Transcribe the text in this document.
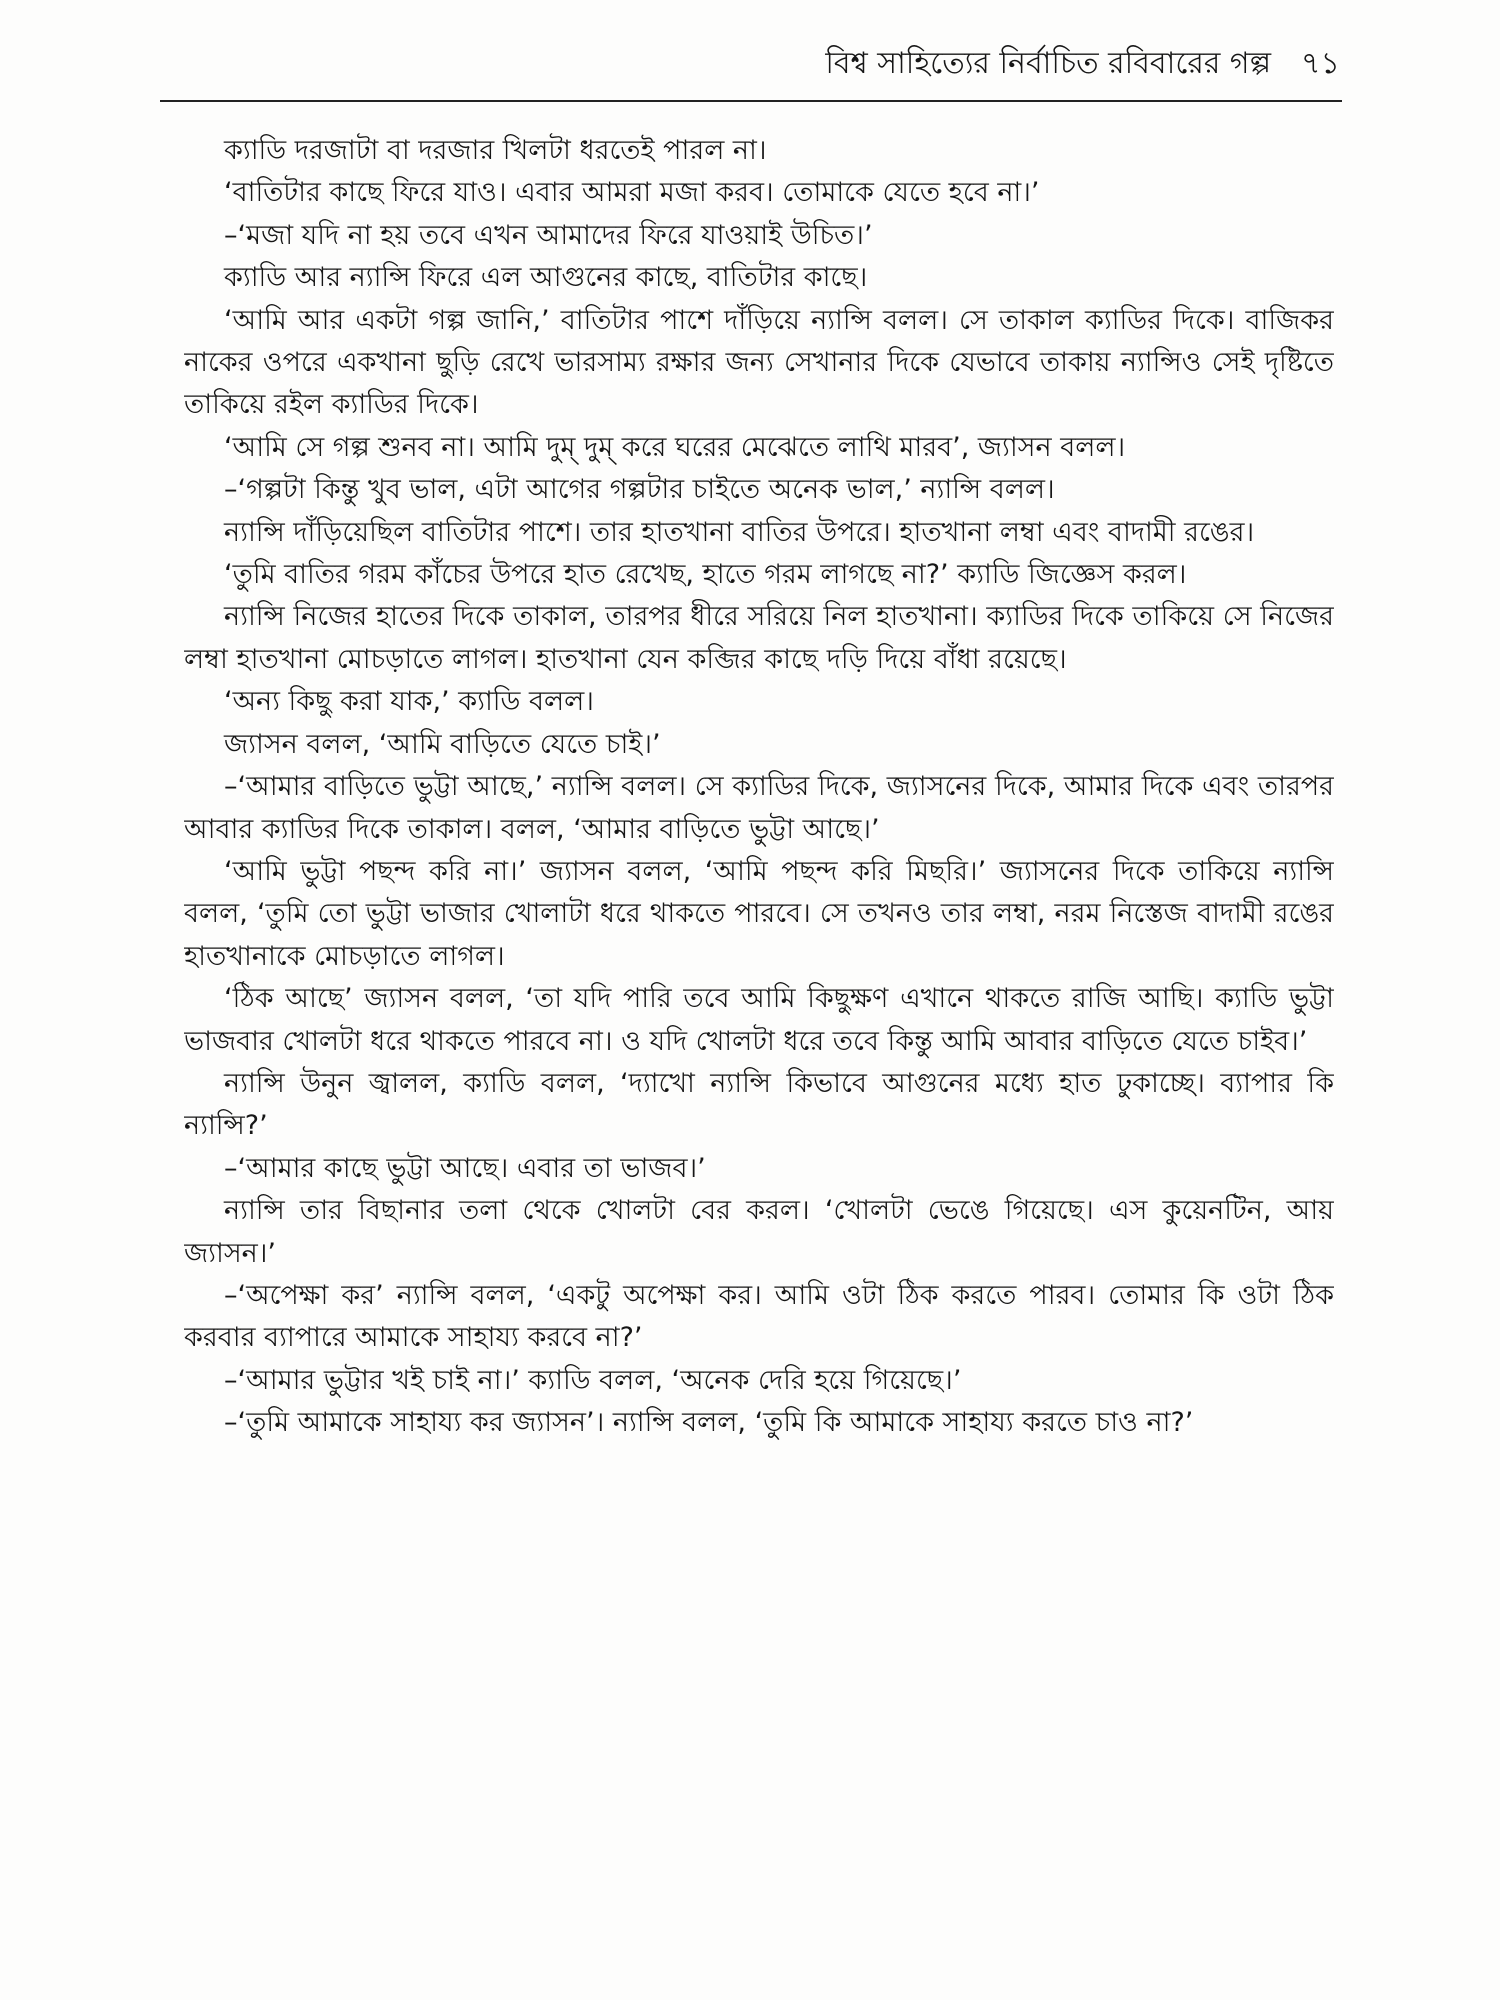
বিশ্ব সাহিত্যের নির্বাচিত রবিবারের গল্প ৭১

ক্যাডি দরজাটা বা দরজার খিলটা ধরতেই পারল না।

‘বাতিটার কাছে ফিরে যাও। এবার আমরা মজা করব। তোমাকে যেতে হবে না।’

–‘মজা যদি না হয় তবে এখন আমাদের ফিরে যাওয়াই উচিত।’

ক্যাডি আর ন্যান্সি ফিরে এল আগুনের কাছে, বাতিটার কাছে।

‘আমি আর একটা গল্প জানি,’ বাতিটার পাশে দাঁড়িয়ে ন্যান্সি বলল। সে তাকাল ক্যাডির দিকে। বাজিকর নাকের ওপরে একখানা ছুড়ি রেখে ভারসাম্য রক্ষার জন্য সেখানার দিকে যেভাবে তাকায় ন্যান্সিও সেই দৃষ্টিতে তাকিয়ে রইল ক্যাডির দিকে।

‘আমি সে গল্প শুনব না। আমি দুম্ দুম্ করে ঘরের মেঝেতে লাথি মারব’, জ্যাসন বলল।

–‘গল্পটা কিন্তু খুব ভাল, এটা আগের গল্পটার চাইতে অনেক ভাল,’ ন্যান্সি বলল।

ন্যান্সি দাঁড়িয়েছিল বাতিটার পাশে। তার হাতখানা বাতির উপরে। হাতখানা লম্বা এবং বাদামী রঙের।

‘তুমি বাতির গরম কাঁচের উপরে হাত রেখেছ, হাতে গরম লাগছে না?’ ক্যাডি জিজ্ঞেস করল।

ন্যান্সি নিজের হাতের দিকে তাকাল, তারপর ধীরে সরিয়ে নিল হাতখানা। ক্যাডির দিকে তাকিয়ে সে নিজের লম্বা হাতখানা মোচড়াতে লাগল। হাতখানা যেন কব্জির কাছে দড়ি দিয়ে বাঁধা রয়েছে।

‘অন্য কিছু করা যাক,’ ক্যাডি বলল।

জ্যাসন বলল, ‘আমি বাড়িতে যেতে চাই।’

–‘আমার বাড়িতে ভুট্টা আছে,’ ন্যান্সি বলল। সে ক্যাডির দিকে, জ্যাসনের দিকে, আমার দিকে এবং তারপর আবার ক্যাডির দিকে তাকাল। বলল, ‘আমার বাড়িতে ভুট্টা আছে।’

‘আমি ভুট্টা পছন্দ করি না।’ জ্যাসন বলল, ‘আমি পছন্দ করি মিছরি।’ জ্যাসনের দিকে তাকিয়ে ন্যান্সি বলল, ‘তুমি তো ভুট্টা ভাজার খোলাটা ধরে থাকতে পারবে। সে তখনও তার লম্বা, নরম নিস্তেজ বাদামী রঙের হাতখানাকে মোচড়াতে লাগল।

‘ঠিক আছে’ জ্যাসন বলল, ‘তা যদি পারি তবে আমি কিছুক্ষণ এখানে থাকতে রাজি আছি। ক্যাডি ভুট্টা ভাজবার খোলটা ধরে থাকতে পারবে না। ও যদি খোলটা ধরে তবে কিন্তু আমি আবার বাড়িতে যেতে চাইব।’

ন্যান্সি উনুন জ্বালল, ক্যাডি বলল, ‘দ্যাখো ন্যান্সি কিভাবে আগুনের মধ্যে হাত ঢুকাচ্ছে। ব্যাপার কি ন্যান্সি?’

–‘আমার কাছে ভুট্টা আছে। এবার তা ভাজব।’

ন্যান্সি তার বিছানার তলা থেকে খোলটা বের করল। ‘খোলটা ভেঙে গিয়েছে। এস কুয়েনটিন, আয় জ্যাসন।’

–‘অপেক্ষা কর’ ন্যান্সি বলল, ‘একটু অপেক্ষা কর। আমি ওটা ঠিক করতে পারব। তোমার কি ওটা ঠিক করবার ব্যাপারে আমাকে সাহায্য করবে না?’

–‘আমার ভুট্টার খই চাই না।’ ক্যাডি বলল, ‘অনেক দেরি হয়ে গিয়েছে।’

–‘তুমি আমাকে সাহায্য কর জ্যাসন’। ন্যান্সি বলল, ‘তুমি কি আমাকে সাহায্য করতে চাও না?’
